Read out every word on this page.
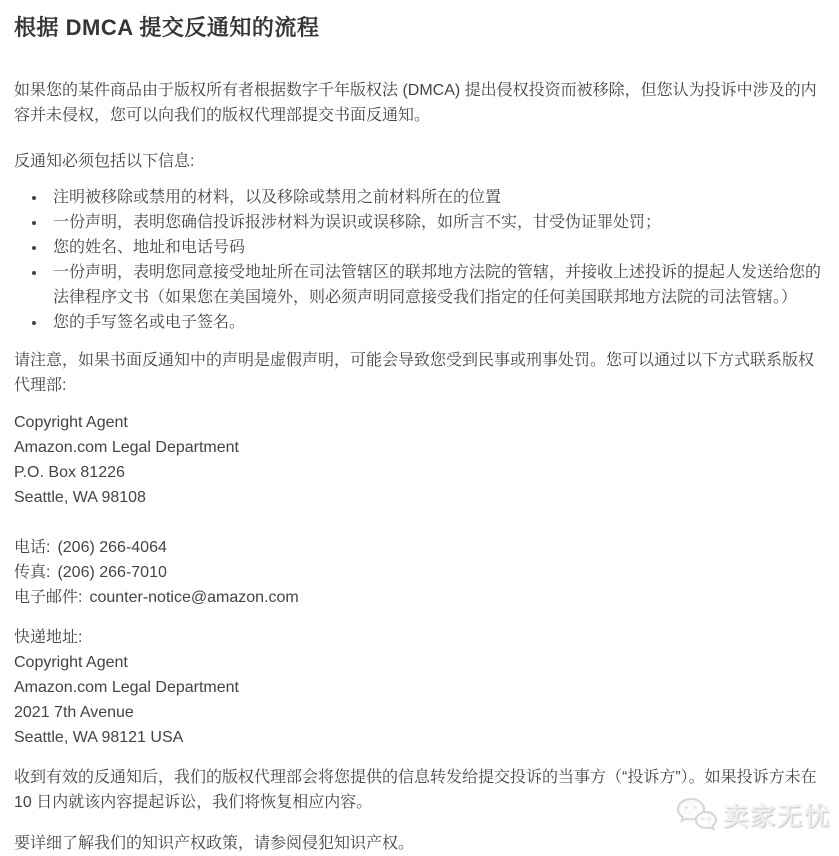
根据 DMCA 提交反通知的流程

如果您的某件商品由于版权所有者根据数字千年版权法 (DMCA) 提出侵权投资而被移除，但您认为投诉中涉及的内容并未侵权，您可以向我们的版权代理部提交书面反通知。

反通知必须包括以下信息:

• 注明被移除或禁用的材料，以及移除或禁用之前材料所在的位置
• 一份声明，表明您确信投诉报涉材料为误识或误移除，如所言不实，甘受伪证罪处罚；
• 您的姓名、地址和电话号码
• 一份声明，表明您同意接受地址所在司法管辖区的联邦地方法院的管辖，并接收上述投诉的提起人发送给您的法律程序文书（如果您在美国境外，则必须声明同意接受我们指定的任何美国联邦地方法院的司法管辖。）
• 您的手写签名或电子签名。

请注意，如果书面反通知中的声明是虚假声明，可能会导致您受到民事或刑事处罚。您可以通过以下方式联系版权代理部:

Copyright Agent
Amazon.com Legal Department
P.O. Box 81226
Seattle, WA 98108
电话: (206) 266-4064
传真: (206) 266-7010
电子邮件: counter-notice@amazon.com
快递地址:
Copyright Agent
Amazon.com Legal Department
2021 7th Avenue
Seattle, WA 98121 USA

收到有效的反通知后，我们的版权代理部会将您提供的信息转发给提交投诉的当事方（“投诉方”）。如果投诉方未在 10 日内就该内容提起诉讼，我们将恢复相应内容。

要详细了解我们的知识产权政策，请参阅侵犯知识产权。

卖家无忧
